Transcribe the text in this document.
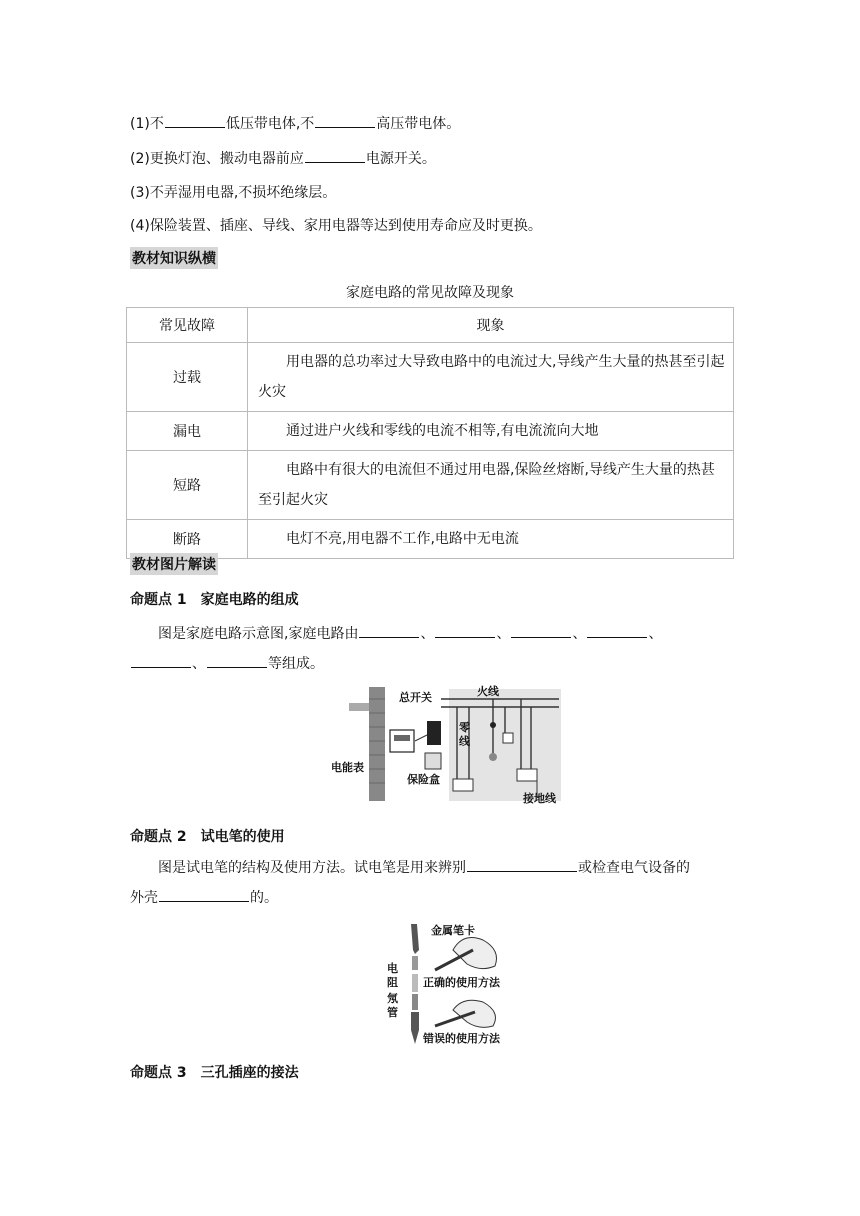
(1)不	低压带电体,不	高压带电体。
(2)更换灯泡、搬动电器前应	电源开关。
(3)不弄湿用电器,不损坏绝缘层。
(4)保险装置、插座、导线、家用电器等达到使用寿命应及时更换。
教材知识纵横
家庭电路的常见故障及现象
常见故障	现象
过载	用电器的总功率过大导致电路中的电流过大,导线产生大量的热甚至引起火灾
漏电	通过进户火线和零线的电流不相等,有电流流向大地
短路	电路中有很大的电流但不通过用电器,保险丝熔断,导线产生大量的热甚至引起火灾
断路	电灯不亮,用电器不工作,电路中无电流
教材图片解读
命题点 1 家庭电路的组成
图是家庭电路示意图,家庭电路由	、	、	、	、
、	等组成。
总开关	火线
零
线
电能表
保险盒
接地线
命题点 2 试电笔的使用
图是试电笔的结构及使用方法。试电笔是用来辨别	或检查电气设备的
外壳	的。
金属笔卡
电
阻
氖
管
正确的使用方法
错误的使用方法
命题点 3 三孔插座的接法
